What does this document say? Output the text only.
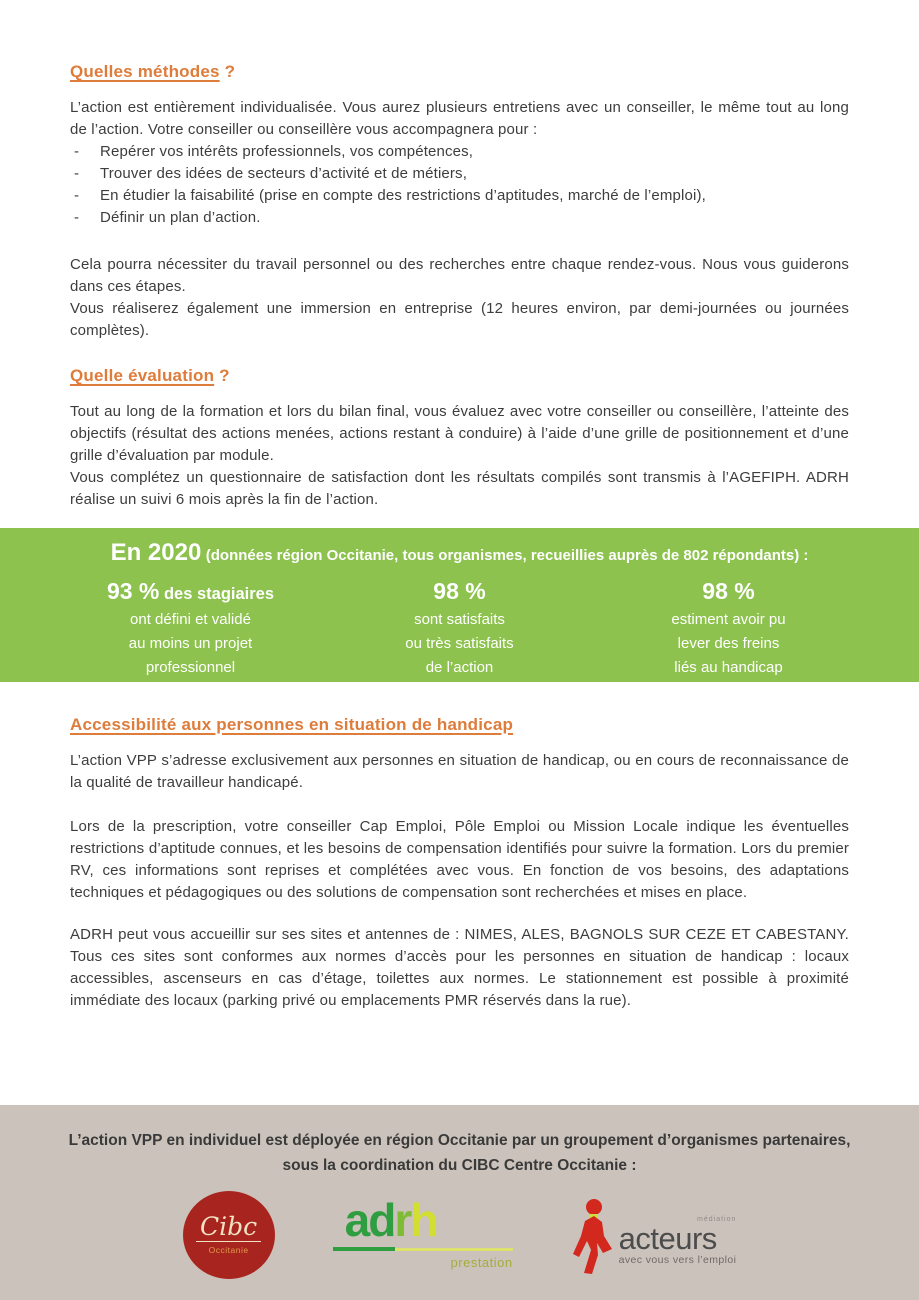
Quelles méthodes ?

L’action est entièrement individualisée. Vous aurez plusieurs entretiens avec un conseiller, le même tout au long de l’action. Votre conseiller ou conseillère vous accompagnera pour :

-	Repérer vos intérêts professionnels, vos compétences,
-	Trouver des idées de secteurs d’activité et de métiers,
-	En étudier la faisabilité (prise en compte des restrictions d’aptitudes, marché de l’emploi),
-	Définir un plan d’action.

Cela pourra nécessiter du travail personnel ou des recherches entre chaque rendez-vous. Nous vous guiderons dans ces étapes.

Vous réaliserez également une immersion en entreprise (12 heures environ, par demi-journées ou journées complètes).

Quelle évaluation ?

Tout au long de la formation et lors du bilan final, vous évaluez avec votre conseiller ou conseillère, l’atteinte des objectifs (résultat des actions menées, actions restant à conduire) à l’aide d’une grille de positionnement et d’une grille d’évaluation par module.

Vous complétez un questionnaire de satisfaction dont les résultats compilés sont transmis à l’AGEFIPH. ADRH réalise un suivi 6 mois après la fin de l’action.

En 2020 (données région Occitanie, tous organismes, recueillies auprès de 802 répondants) :
93 % des stagiaires
ont défini et validé
au moins un projet
professionnel
98 %
sont satisfaits
ou très satisfaits
de l’action
98 %
estiment avoir pu
lever des freins
liés au handicap
Accessibilité aux personnes en situation de handicap

L’action VPP s’adresse exclusivement aux personnes en situation de handicap, ou en cours de reconnaissance de la qualité de travailleur handicapé.

Lors de la prescription, votre conseiller Cap Emploi, Pôle Emploi ou Mission Locale indique les éventuelles restrictions d’aptitude connues, et les besoins de compensation identifiés pour suivre la formation. Lors du premier RV, ces informations sont reprises et complétées avec vous. En fonction de vos besoins, des adaptations techniques et pédagogiques ou des solutions de compensation sont recherchées et mises en place.

ADRH peut vous accueillir sur ses sites et antennes de : NIMES, ALES, BAGNOLS SUR CEZE ET CABESTANY. Tous ces sites sont conformes aux normes d’accès pour les personnes en situation de handicap : locaux accessibles, ascenseurs en cas d’étage, toilettes aux normes. Le stationnement est possible à proximité immédiate des locaux (parking privé ou emplacements PMR réservés dans la rue).

L’action VPP en individuel est déployée en région Occitanie par un groupement d’organismes partenaires,
sous la coordination du CIBC Centre Occitanie :
Cibc
Occitanie
adrh
prestation
médiation
acteurs
avec vous vers l’emploi
